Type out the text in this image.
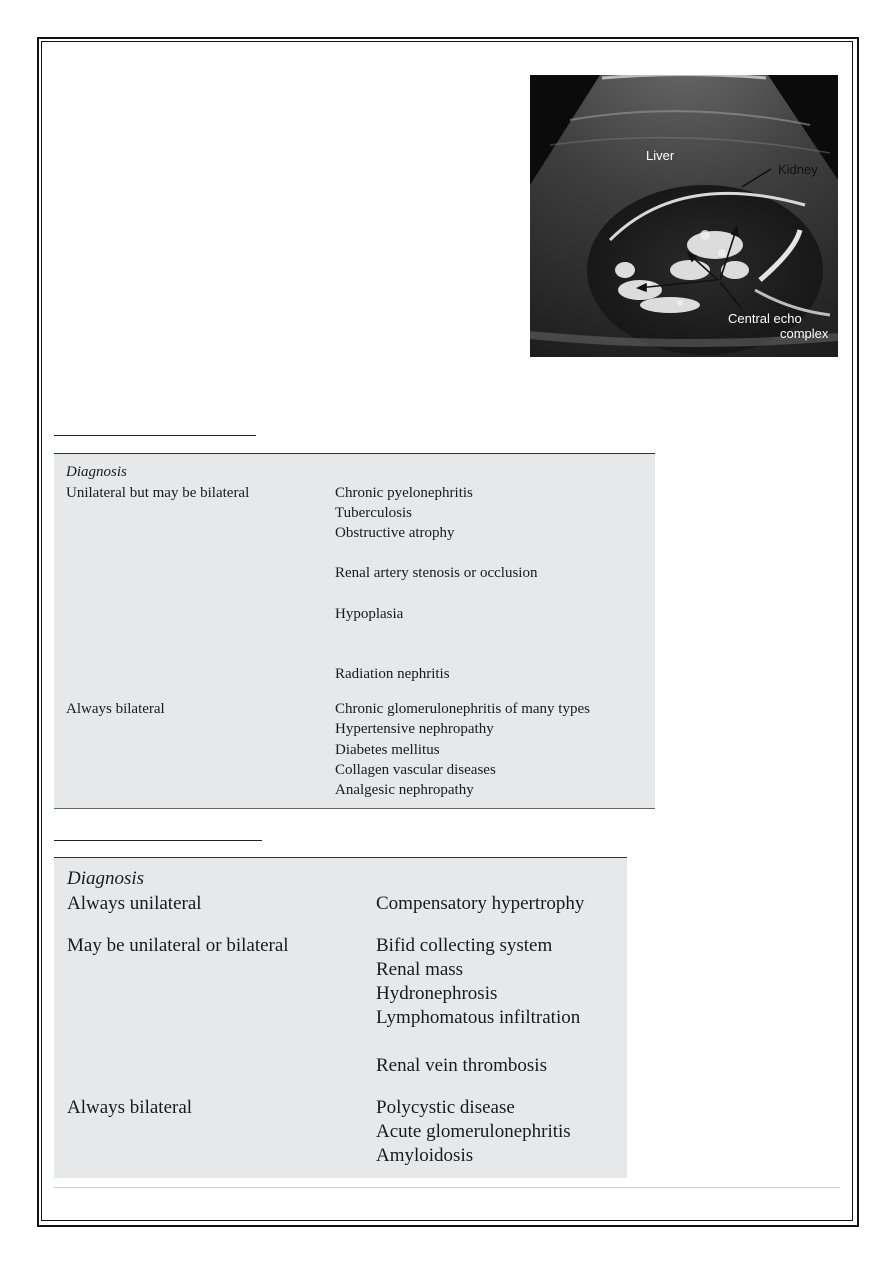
Liver
Kidney
Central echo
complex
Diagnosis
Unilateral but may be bilateral	Chronic pyelonephritis
Tuberculosis
Obstructive atrophy
Renal artery stenosis or occlusion
Hypoplasia
Radiation nephritis
Always bilateral	Chronic glomerulonephritis of many types
Hypertensive nephropathy
Diabetes mellitus
Collagen vascular diseases
Analgesic nephropathy
Diagnosis
Always unilateral	Compensatory hypertrophy
May be unilateral or bilateral	Bifid collecting system
Renal mass
Hydronephrosis
Lymphomatous infiltration
Renal vein thrombosis
Always bilateral	Polycystic disease
Acute glomerulonephritis
Amyloidosis
